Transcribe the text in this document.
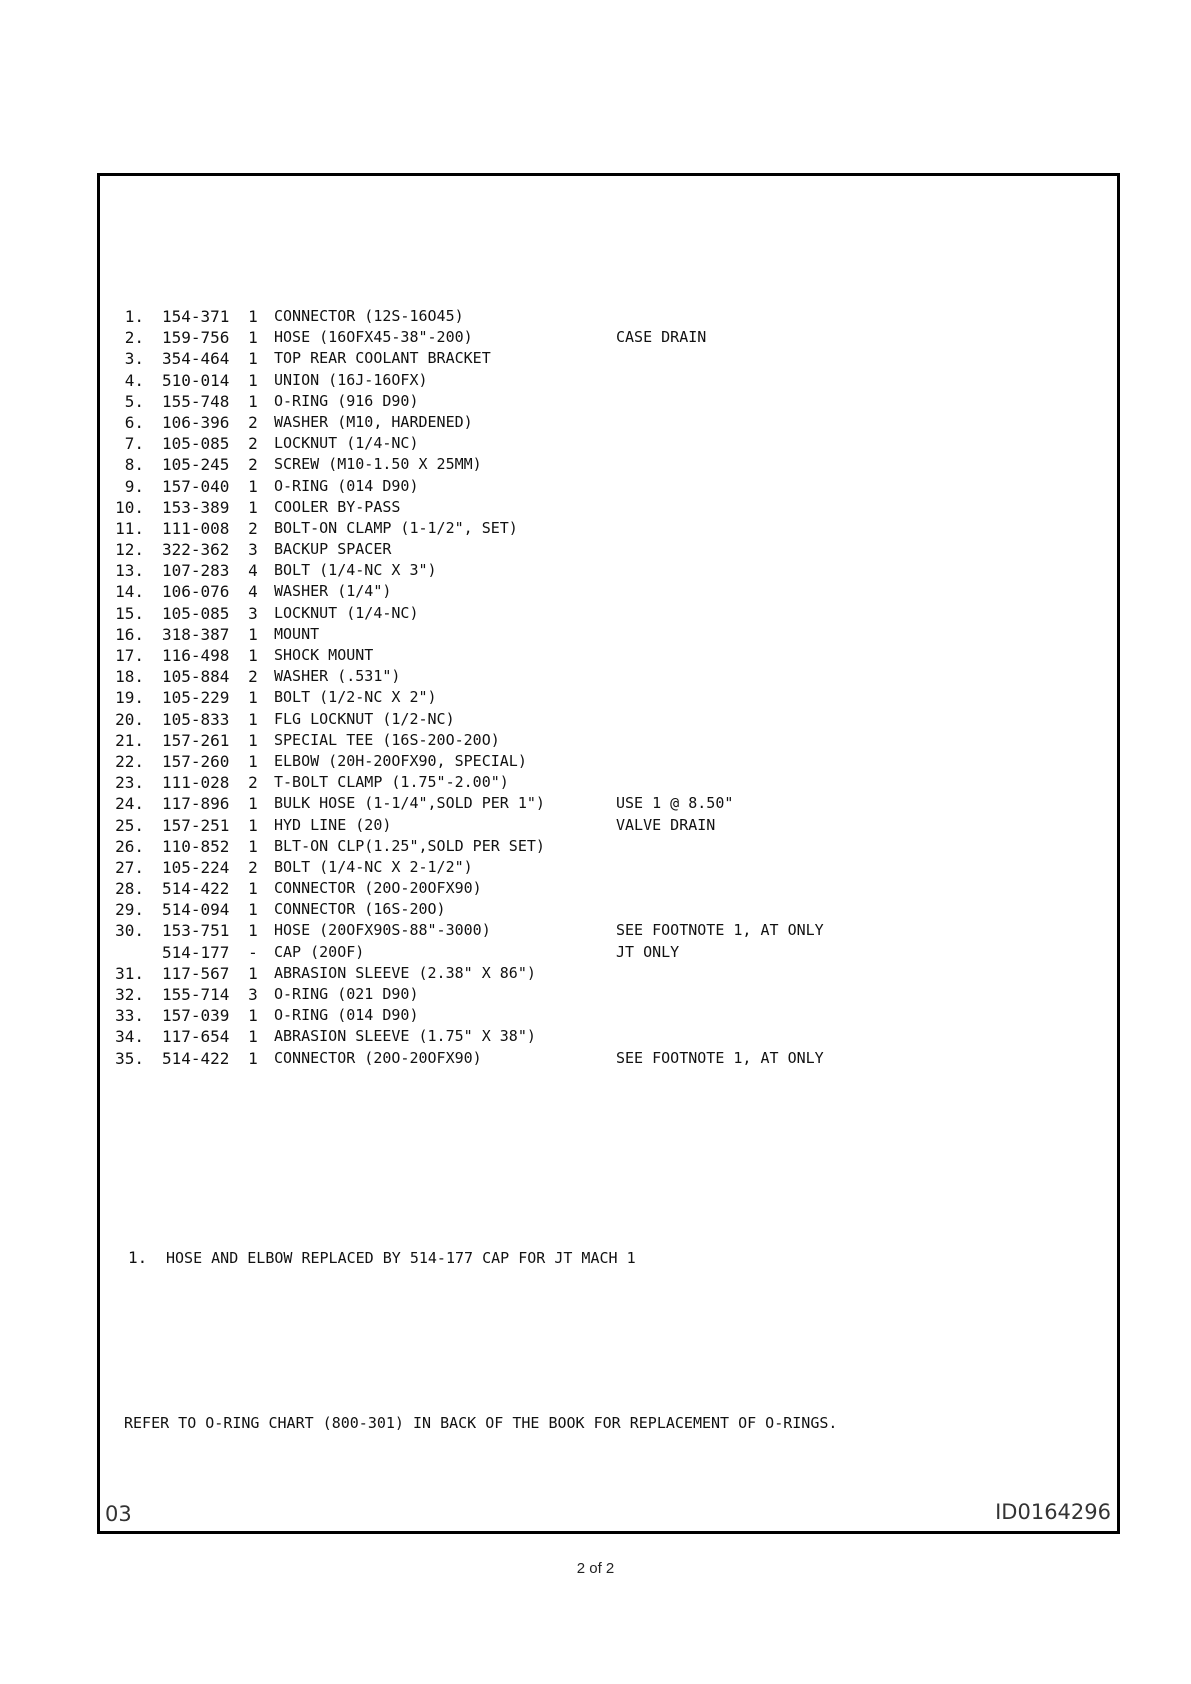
1. 154-371 1 CONNECTOR (12S-16O45)
2. 159-756 1 HOSE (16OFX45-38"-200)	CASE DRAIN
3. 354-464 1 TOP REAR COOLANT BRACKET
4. 510-014 1 UNION (16J-16OFX)
5. 155-748 1 O-RING (916 D90)
6. 106-396 2 WASHER (M10, HARDENED)
7. 105-085 2 LOCKNUT (1/4-NC)
8. 105-245 2 SCREW (M10-1.50 X 25MM)
9. 157-040 1 O-RING (014 D90)
10. 153-389 1 COOLER BY-PASS
11. 111-008 2 BOLT-ON CLAMP (1-1/2", SET)
12. 322-362 3 BACKUP SPACER
13. 107-283 4 BOLT (1/4-NC X 3")
14. 106-076 4 WASHER (1/4")
15. 105-085 3 LOCKNUT (1/4-NC)
16. 318-387 1 MOUNT
17. 116-498 1 SHOCK MOUNT
18. 105-884 2 WASHER (.531")
19. 105-229 1 BOLT (1/2-NC X 2")
20. 105-833 1 FLG LOCKNUT (1/2-NC)
21. 157-261 1 SPECIAL TEE (16S-20O-20O)
22. 157-260 1 ELBOW (20H-20OFX90, SPECIAL)
23. 111-028 2 T-BOLT CLAMP (1.75"-2.00")
24. 117-896 1 BULK HOSE (1-1/4",SOLD PER 1")	USE 1 @ 8.50"
25. 157-251 1 HYD LINE (20)	VALVE DRAIN
26. 110-852 1 BLT-ON CLP(1.25",SOLD PER SET)
27. 105-224 2 BOLT (1/4-NC X 2-1/2")
28. 514-422 1 CONNECTOR (20O-20OFX90)
29. 514-094 1 CONNECTOR (16S-20O)
30. 153-751 1 HOSE (20OFX90S-88"-3000)	SEE FOOTNOTE 1, AT ONLY
514-177 - CAP (20OF)	JT ONLY
31. 117-567 1 ABRASION SLEEVE (2.38" X 86")
32. 155-714 3 O-RING (021 D90)
33. 157-039 1 O-RING (014 D90)
34. 117-654 1 ABRASION SLEEVE (1.75" X 38")
35. 514-422 1 CONNECTOR (20O-20OFX90)	SEE FOOTNOTE 1, AT ONLY
1. HOSE AND ELBOW REPLACED BY 514-177 CAP FOR JT MACH 1
REFER TO O-RING CHART (800-301) IN BACK OF THE BOOK FOR REPLACEMENT OF O-RINGS.
03	ID0164296
2 of 2
